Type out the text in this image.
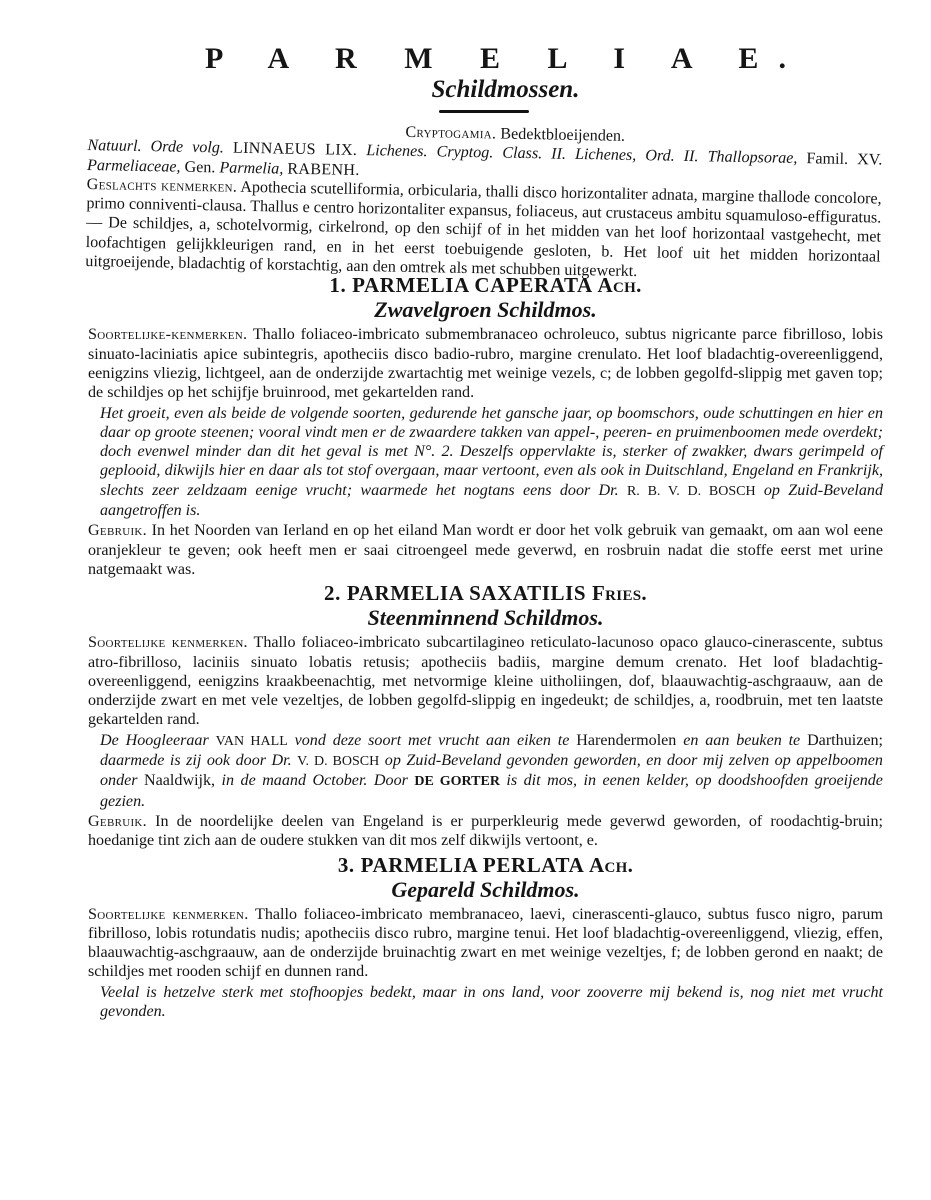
P A R M E L I A E.
Schildmossen.

Cryptogamia. Bedektbloeijenden.

Natuurl. Orde volg. LINNAEUS LIX. Lichenes. Cryptog. Class. II. Lichenes, Ord. II. Thallopsorae, Famil. XV. Parmeliaceae, Gen. Parmelia, RABENH.

Geslachts kenmerken. Apothecia scutelliformia, orbicularia, thalli disco horizontaliter adnata, margine thallode concolore, primo conniventi-clausa. Thallus e centro horizontaliter expansus, foliaceus, aut crustaceus ambitu squamuloso-effiguratus. — De schildjes, a, schotelvormig, cirkelrond, op den schijf of in het midden van het loof horizontaal vastgehecht, met loofachtigen gelijkkleurigen rand, en in het eerst toebuigende gesloten, b. Het loof uit het midden horizontaal uitgroeijende, bladachtig of korstachtig, aan den omtrek als met schubben uitgewerkt.

1. PARMELIA CAPERATA Ach.
Zwavelgroen Schildmos.

Soortelijke-kenmerken. Thallo foliaceo-imbricato submembranaceo ochroleuco, subtus nigricante parce fibrilloso, lobis sinuato-laciniatis apice subintegris, apotheciis disco badio-rubro, margine crenulato. Het loof bladachtig-overeenliggend, eenigzins vliezig, lichtgeel, aan de onderzijde zwartachtig met weinige vezels, c; de lobben gegolfd-slippig met gaven top; de schildjes op het schijfje bruinrood, met gekartelden rand.

Het groeit, even als beide de volgende soorten, gedurende het gansche jaar, op boomschors, oude schuttingen en hier en daar op groote steenen; vooral vindt men er de zwaardere takken van appel-, peeren- en pruimenboomen mede overdekt; doch evenwel minder dan dit het geval is met N°. 2. Deszelfs oppervlakte is, sterker of zwakker, dwars gerimpeld of geplooid, dikwijls hier en daar als tot stof overgaan, maar vertoont, even als ook in Duitschland, Engeland en Frankrijk, slechts zeer zeldzaam eenige vrucht; waarmede het nogtans eens door Dr. R. B. V. D. BOSCH op Zuid-Beveland aangetroffen is.

Gebruik. In het Noorden van Ierland en op het eiland Man wordt er door het volk gebruik van gemaakt, om aan wol eene oranjekleur te geven; ook heeft men er saai citroengeel mede geverwd, en rosbruin nadat die stoffe eerst met urine natgemaakt was.

2. PARMELIA SAXATILIS Fries.
Steenminnend Schildmos.

Soortelijke kenmerken. Thallo foliaceo-imbricato subcartilagineo reticulato-lacunoso opaco glauco-cinerascente, subtus atro-fibrilloso, laciniis sinuato lobatis retusis; apotheciis badiis, margine demum crenato. Het loof bladachtig-overeenliggend, eenigzins kraakbeenachtig, met netvormige kleine uitholiingen, dof, blaauwachtig-aschgraauw, aan de onderzijde zwart en met vele vezeltjes, de lobben gegolfd-slippig en ingedeukt; de schildjes, a, roodbruin, met ten laatste gekartelden rand.

De Hoogleeraar VAN HALL vond deze soort met vrucht aan eiken te Harendermolen en aan beuken te Darthuizen; daarmede is zij ook door Dr. V. D. BOSCH op Zuid-Beveland gevonden geworden, en door mij zelven op appelboomen onder Naaldwijk, in de maand October. Door DE GORTER is dit mos, in eenen kelder, op doodshoofden groeijende gezien.

Gebruik. In de noordelijke deelen van Engeland is er purperkleurig mede geverwd geworden, of roodachtig-bruin; hoedanige tint zich aan de oudere stukken van dit mos zelf dikwijls vertoont, e.

3. PARMELIA PERLATA Ach.
Gepareld Schildmos.

Soortelijke kenmerken. Thallo foliaceo-imbricato membranaceo, laevi, cinerascenti-glauco, subtus fusco nigro, parum fibrilloso, lobis rotundatis nudis; apotheciis disco rubro, margine tenui. Het loof bladachtig-overeenliggend, vliezig, effen, blaauwachtig-aschgraauw, aan de onderzijde bruinachtig zwart en met weinige vezeltjes, f; de lobben gerond en naakt; de schildjes met rooden schijf en dunnen rand.

Veelal is hetzelve sterk met stofhoopjes bedekt, maar in ons land, voor zooverre mij bekend is, nog niet met vrucht gevonden.
